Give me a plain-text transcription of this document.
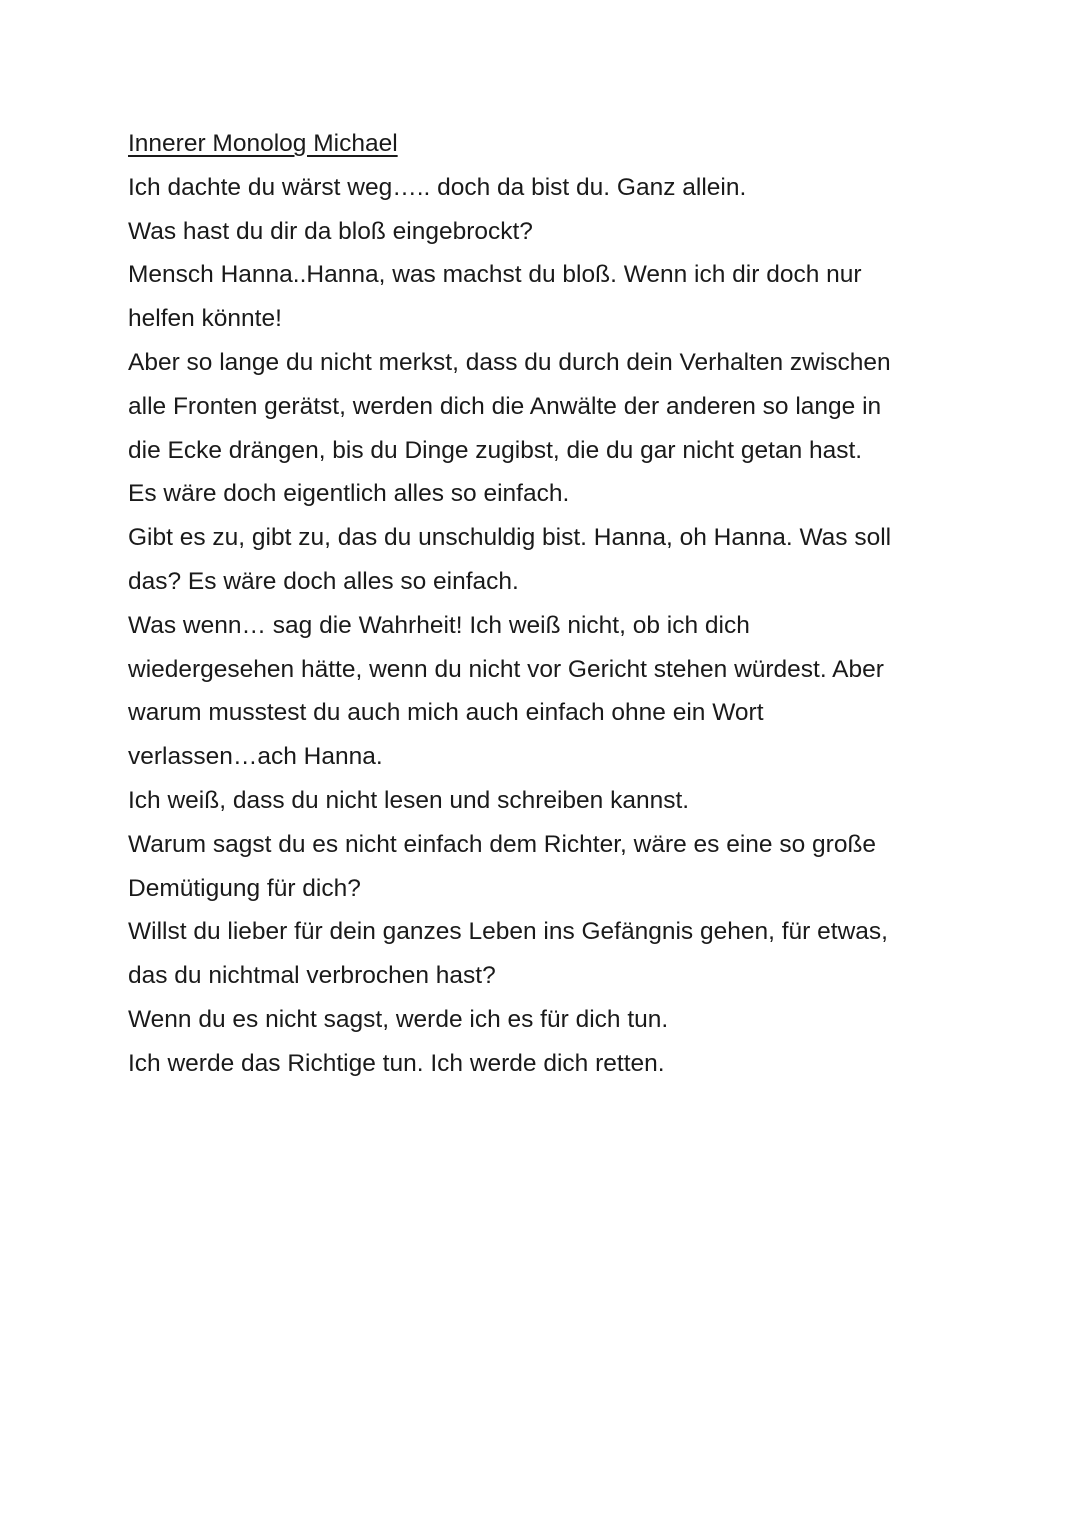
Innerer Monolog Michael
Ich dachte du wärst weg….. doch da bist du. Ganz allein.
Was hast du dir da bloß eingebrockt?
Mensch Hanna..Hanna, was machst du bloß. Wenn ich dir doch nur
helfen könnte!
Aber so lange du nicht merkst, dass du durch dein Verhalten zwischen
alle Fronten gerätst, werden dich die Anwälte der anderen so lange in
die Ecke drängen, bis du Dinge zugibst, die du gar nicht getan hast.
Es wäre doch eigentlich alles so einfach.
Gibt es zu, gibt zu, das du unschuldig bist. Hanna, oh Hanna. Was soll
das? Es wäre doch alles so einfach.
Was wenn… sag die Wahrheit! Ich weiß nicht, ob ich dich
wiedergesehen hätte, wenn du nicht vor Gericht stehen würdest. Aber
warum musstest du auch mich auch einfach ohne ein Wort
verlassen…ach Hanna.
Ich weiß, dass du nicht lesen und schreiben kannst.
Warum sagst du es nicht einfach dem Richter, wäre es eine so große
Demütigung für dich?
Willst du lieber für dein ganzes Leben ins Gefängnis gehen, für etwas,
das du nichtmal verbrochen hast?
Wenn du es nicht sagst, werde ich es für dich tun.
Ich werde das Richtige tun. Ich werde dich retten.
